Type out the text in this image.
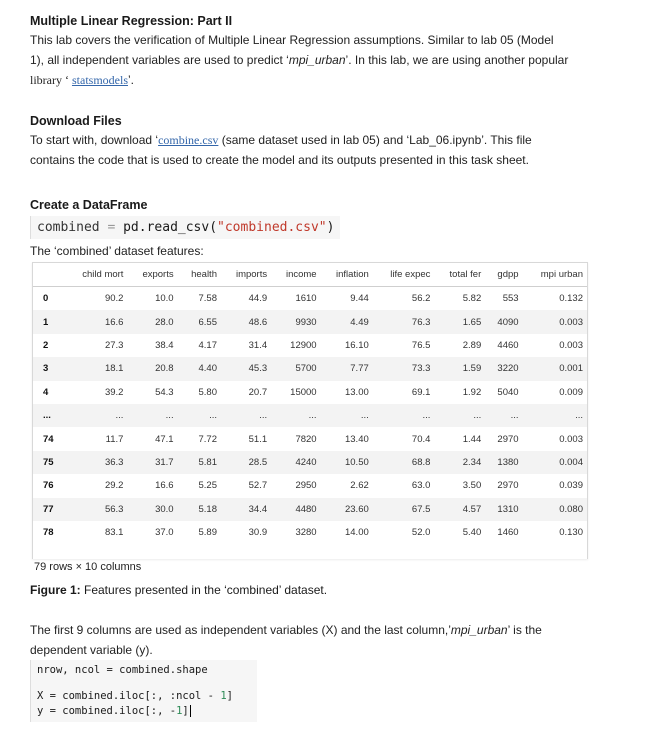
Multiple Linear Regression: Part II

This lab covers the verification of Multiple Linear Regression assumptions. Similar to lab 05 (Model

1), all independent variables are used to predict ‘mpi_urban’. In this lab, we are using another popular

library ‘ statsmodels’.

Download Files

To start with, download ‘combine.csv (same dataset used in lab 05) and ‘Lab_06.ipynb’. This file

contains the code that is used to create the model and its outputs presented in this task sheet.

Create a DataFrame

combined = pd.read_csv("combined.csv")

The ‘combined’ dataset features:

	child mort	exports	health	imports	income	inflation	life expec	total fer	gdpp	mpi urban
0	90.2	10.0	7.58	44.9	1610	9.44	56.2	5.82	553	0.132
1	16.6	28.0	6.55	48.6	9930	4.49	76.3	1.65	4090	0.003
2	27.3	38.4	4.17	31.4	12900	16.10	76.5	2.89	4460	0.003
3	18.1	20.8	4.40	45.3	5700	7.77	73.3	1.59	3220	0.001
4	39.2	54.3	5.80	20.7	15000	13.00	69.1	1.92	5040	0.009
...	...	...	...	...	...	...	...	...	...	...
74	11.7	47.1	7.72	51.1	7820	13.40	70.4	1.44	2970	0.003
75	36.3	31.7	5.81	28.5	4240	10.50	68.8	2.34	1380	0.004
76	29.2	16.6	5.25	52.7	2950	2.62	63.0	3.50	2970	0.039
77	56.3	30.0	5.18	34.4	4480	23.60	67.5	4.57	1310	0.080
78	83.1	37.0	5.89	30.9	3280	14.00	52.0	5.40	1460	0.130
79 rows × 10 columns
Figure 1: Features presented in the ‘combined’ dataset.

The first 9 columns are used as independent variables (X) and the last column,’mpi_urban’ is the

dependent variable (y).

nrow, ncol = combined.shape
X = combined.iloc[:, :ncol - 1]
y = combined.iloc[:, -1]
